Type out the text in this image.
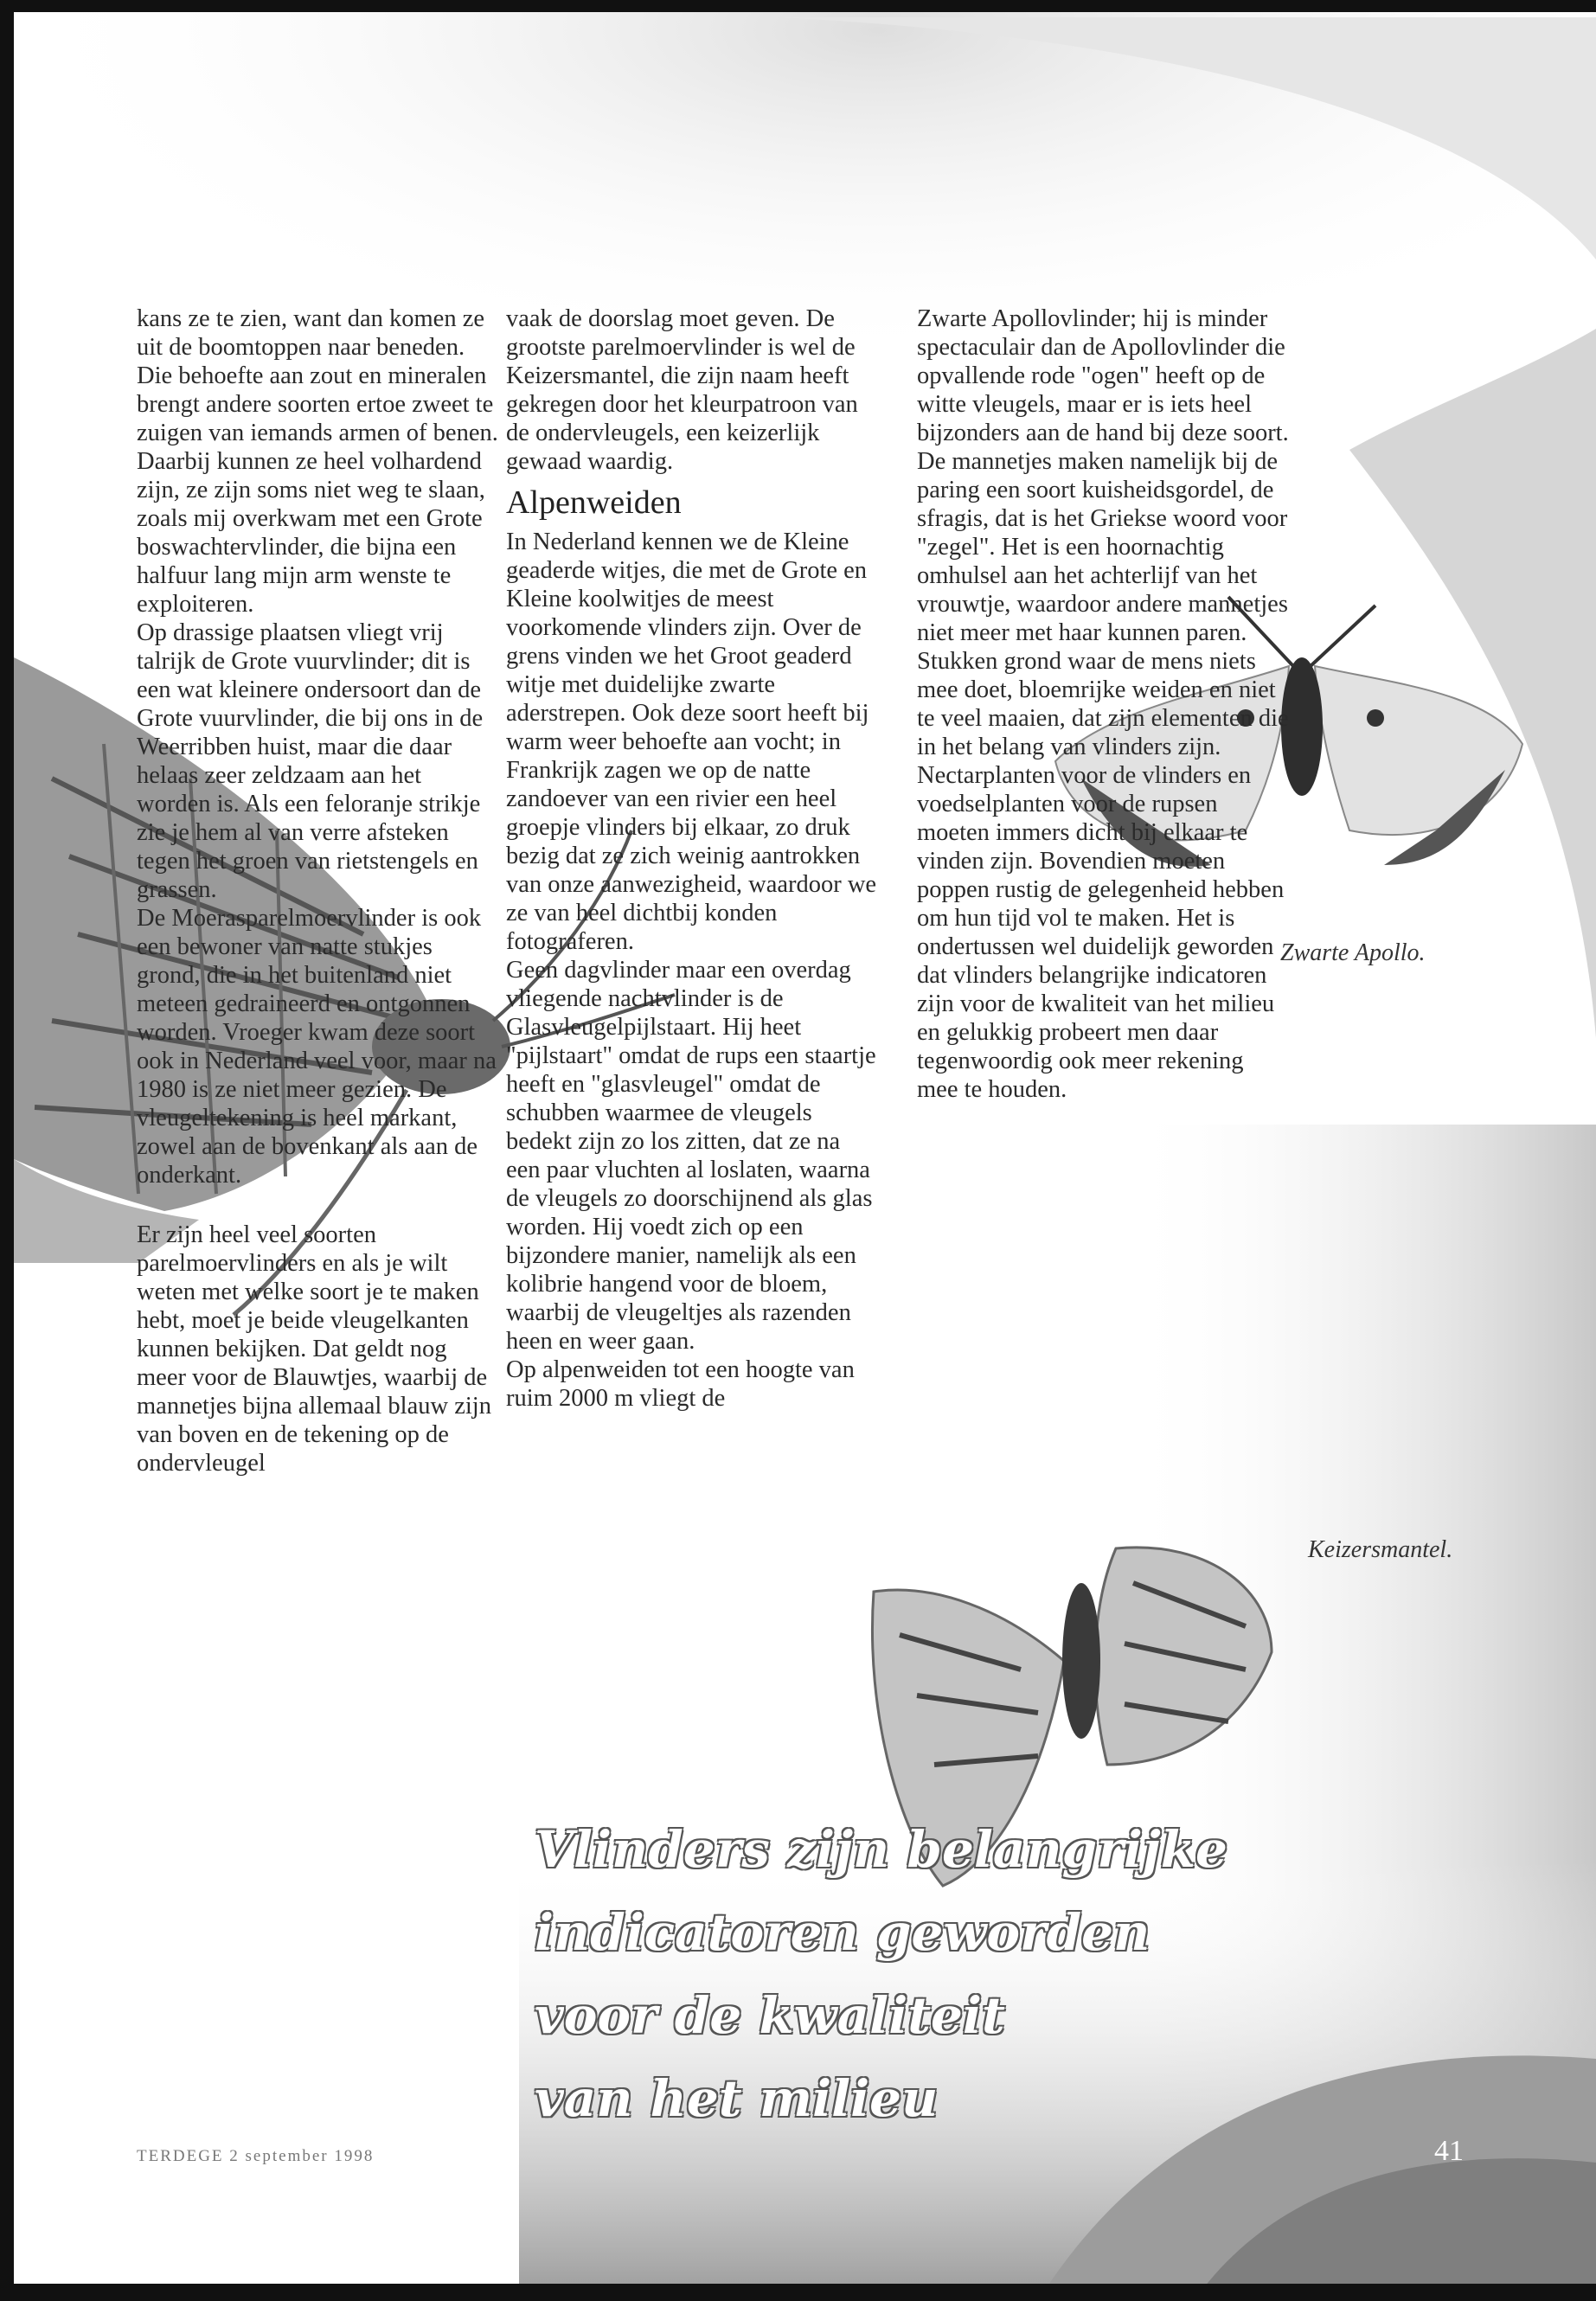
kans ze te zien, want dan komen ze uit de boomtoppen naar beneden.

Die behoefte aan zout en mineralen brengt andere soorten ertoe zweet te zuigen van iemands armen of benen. Daarbij kunnen ze heel volhardend zijn, ze zijn soms niet weg te slaan, zoals mij overkwam met een Grote boswachtervlinder, die bijna een halfuur lang mijn arm wenste te exploiteren.

Op drassige plaatsen vliegt vrij talrijk de Grote vuurvlinder; dit is een wat kleinere ondersoort dan de Grote vuurvlinder, die bij ons in de Weerribben huist, maar die daar helaas zeer zeldzaam aan het worden is. Als een feloranje strikje zie je hem al van verre afsteken tegen het groen van rietstengels en grassen.

De Moerasparelmoervlinder is ook een bewoner van natte stukjes grond, die in het buitenland niet meteen gedraineerd en ontgonnen worden. Vroeger kwam deze soort ook in Nederland veel voor, maar na 1980 is ze niet meer gezien. De vleugeltekening is heel markant, zowel aan de bovenkant als aan de onderkant.

Er zijn heel veel soorten parelmoervlinders en als je wilt weten met welke soort je te maken hebt, moet je beide vleugelkanten kunnen bekijken. Dat geldt nog meer voor de Blauwtjes, waarbij de mannetjes bijna allemaal blauw zijn van boven en de tekening op de ondervleugel

vaak de doorslag moet geven. De grootste parelmoervlinder is wel de Keizersmantel, die zijn naam heeft gekregen door het kleurpatroon van de ondervleugels, een keizerlijk gewaad waardig.

Alpenweiden

In Nederland kennen we de Kleine geaderde witjes, die met de Grote en Kleine koolwitjes de meest voorkomende vlinders zijn. Over de grens vinden we het Groot geaderd witje met duidelijke zwarte aderstrepen. Ook deze soort heeft bij warm weer behoefte aan vocht; in Frankrijk zagen we op de natte zandoever van een rivier een heel groepje vlinders bij elkaar, zo druk bezig dat ze zich weinig aantrokken van onze aanwezigheid, waardoor we ze van heel dichtbij konden fotograferen.

Geen dagvlinder maar een overdag vliegende nachtvlinder is de Glasvleugelpijlstaart. Hij heet "pijlstaart" omdat de rups een staartje heeft en "glasvleugel" omdat de schubben waarmee de vleugels bedekt zijn zo los zitten, dat ze na een paar vluchten al loslaten, waarna de vleugels zo doorschijnend als glas worden. Hij voedt zich op een bijzondere manier, namelijk als een kolibrie hangend voor de bloem, waarbij de vleugeltjes als razenden heen en weer gaan.

Op alpenweiden tot een hoogte van ruim 2000 m vliegt de

Zwarte Apollovlinder; hij is minder spectaculair dan de Apollovlinder die opvallende rode "ogen" heeft op de witte vleugels, maar er is iets heel bijzonders aan de hand bij deze soort. De mannetjes maken namelijk bij de paring een soort kuisheidsgordel, de sfragis, dat is het Griekse woord voor "zegel". Het is een hoornachtig omhulsel aan het achterlijf van het vrouwtje, waardoor andere mannetjes niet meer met haar kunnen paren.

Stukken grond waar de mens niets mee doet, bloemrijke weiden en niet te veel maaien, dat zijn elementen die in het belang van vlinders zijn. Nectarplanten voor de vlinders en voedselplanten voor de rupsen moeten immers dicht bij elkaar te vinden zijn. Bovendien moeten poppen rustig de gelegenheid hebben om hun tijd vol te maken. Het is ondertussen wel duidelijk geworden dat vlinders belangrijke indicatoren zijn voor de kwaliteit van het milieu en gelukkig probeert men daar tegenwoordig ook meer rekening mee te houden.

Zwarte Apollo.
Keizersmantel.
Vlinders zijn belangrijke
indicatoren geworden
voor de kwaliteit
van het milieu
TERDEGE 2 september 1998	41
